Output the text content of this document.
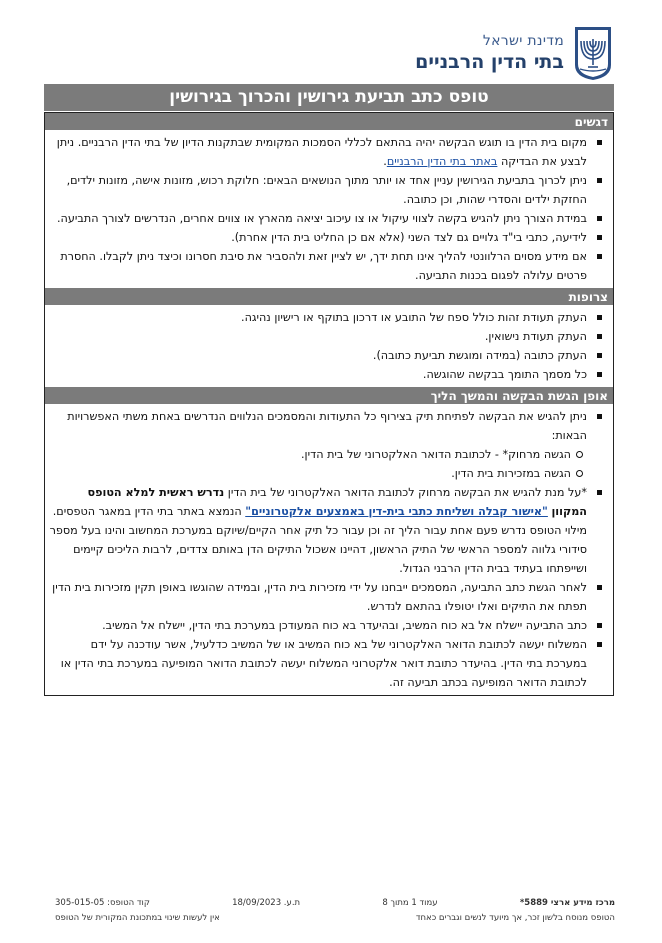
מדינת ישראל
בתי הדין הרבניים
טופס כתב תביעת גירושין והכרוך בגירושין
דגשים
מקום בית הדין בו תוגש הבקשה יהיה בהתאם לכללי הסמכות המקומית שבתקנות הדיון של בתי הדין הרבניים. ניתן לבצע את הבדיקה באתר בתי הדין הרבניים.
ניתן לכרוך בתביעת הגירושין עניין אחד או יותר מתוך הנושאים הבאים: חלוקת רכוש, מזונות אישה, מזונות ילדים, החזקת ילדים והסדרי שהות, וכן כתובה.
במידת הצורך ניתן להגיש בקשה לצווי עיקול או צו עיכוב יציאה מהארץ או צווים אחרים, הנדרשים לצורך התביעה.
לידיעה, כתבי בי"ד גלויים גם לצד השני (אלא אם כן החליט בית הדין אחרת).
אם מידע מסוים הרלוונטי להליך אינו תחת ידך, יש לציין זאת ולהסביר את סיבת חסרונו וכיצד ניתן לקבלו. החסרת פרטים עלולה לפגום בכנות התביעה.
צרופות
העתק תעודת זהות כולל ספח של התובע או דרכון בתוקף או רישיון נהיגה.
העתק תעודת נישואין.
העתק כתובה (במידה ומוגשת תביעת כתובה).
כל מסמך התומך בבקשה שהוגשה.
אופן הגשת הבקשה והמשך הליך
ניתן להגיש את הבקשה לפתיחת תיק בצירוף כל התעודות והמסמכים הנלווים הנדרשים באחת משתי האפשרויות הבאות:
הגשה מרחוק* - לכתובת הדואר האלקטרוני של בית הדין.
הגשה במזכירות בית הדין.
*על מנת להגיש את הבקשה מרחוק לכתובת הדואר האלקטרוני של בית הדין נדרש ראשית למלא הטופס המקוון "אישור קבלה ושליחת כתבי בית-דין באמצעים אלקטרוניים" הנמצא באתר בתי הדין במאגר הטפסים. מילוי הטופס נדרש פעם אחת עבור הליך זה וכן עבור כל תיק אחר הקיים/שיוקם במערכת המחשוב והינו בעל מספר סידורי גלווה למספר הראשי של התיק הראשון, דהיינו אשכול התיקים הדן באותם צדדים, לרבות הליכים קיימים ושייפתחו בעתיד בבית הדין הרבני הגדול.
לאחר הגשת כתב התביעה, המסמכים ייבחנו על ידי מזכירות בית הדין, ובמידה שהוגשו באופן תקין מזכירות בית הדין תפתח את התיקים ואלו יטופלו בהתאם לנדרש.
כתב התביעה יישלח אל בא כוח המשיב, ובהיעדר בא כוח המעודכן במערכת בתי הדין, יישלח אל המשיב.
המשלוח יעשה לכתובת הדואר האלקטרוני של בא כוח המשיב או של המשיב כדלעיל, אשר עודכנה על ידם במערכת בתי הדין. בהיעדר כתובת דואר אלקטרוני המשלוח יעשה לכתובת הדואר המופיעה במערכת בתי הדין או לכתובת הדואר המופיעה בכתב תביעה זה.
מרכז מידע ארצי 5889*
עמוד 1 מתוך 8
ת.ע. 18/09/2023
קוד הטופס: 305-015-05
הטופס מנוסח בלשון זכר, אך מיועד לנשים וגברים כאחד
אין לעשות שינוי במתכונת המקורית של הטופס
